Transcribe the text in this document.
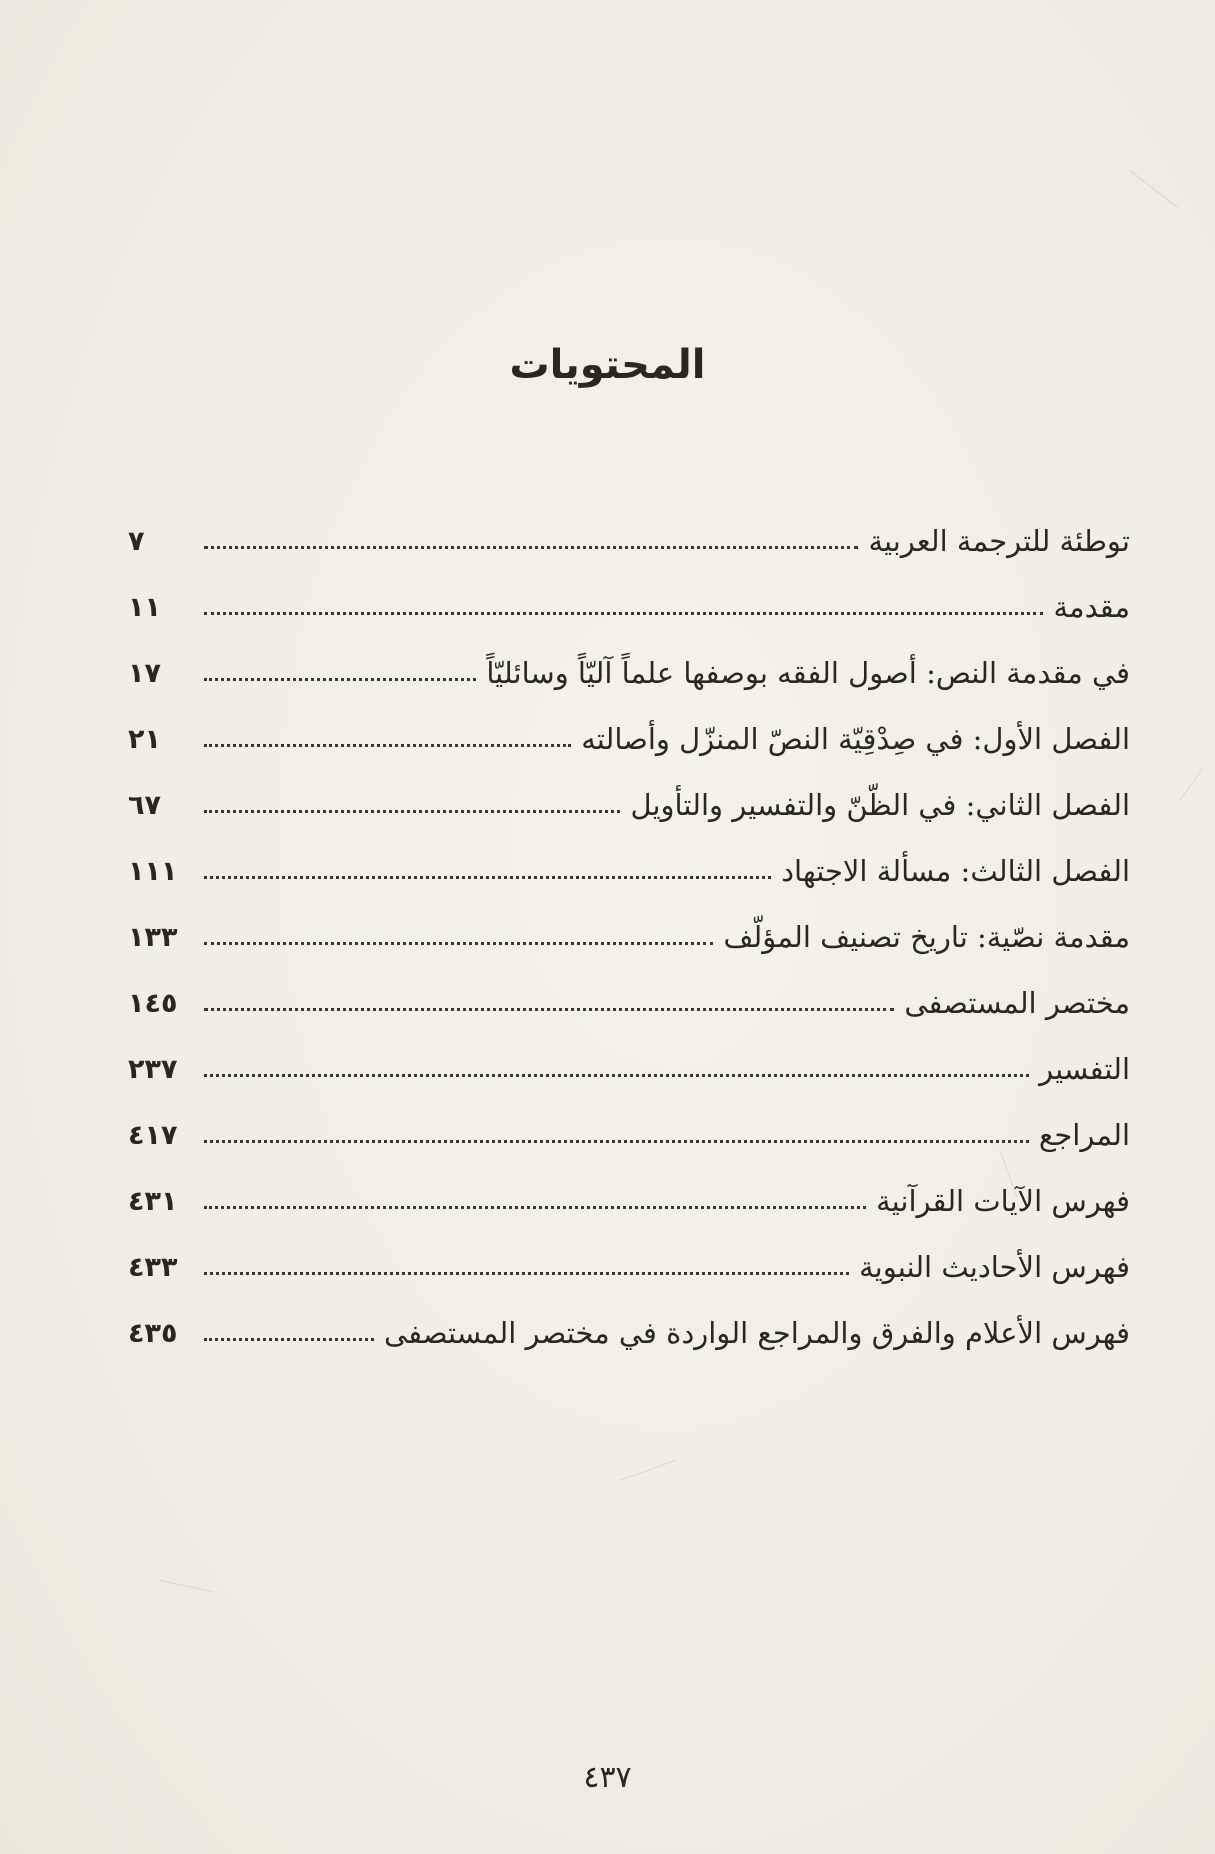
المحتويات
توطئة للترجمة العربية
٧
مقدمة
١١
في مقدمة النص: أصول الفقه بوصفها علماً آليّاً وسائليّاً
١٧
الفصل الأول: في صِدْقِيّة النصّ المنزّل وأصالته
٢١
الفصل الثاني: في الظّنّ والتفسير والتأويل
٦٧
الفصل الثالث: مسألة الاجتهاد
١١١
مقدمة نصّية: تاريخ تصنيف المؤلّف
١٣٣
مختصر المستصفى
١٤٥
التفسير
٢٣٧
المراجع
٤١٧
فهرس الآيات القرآنية
٤٣١
فهرس الأحاديث النبوية
٤٣٣
فهرس الأعلام والفرق والمراجع الواردة في مختصر المستصفى
٤٣٥
٤٣٧
